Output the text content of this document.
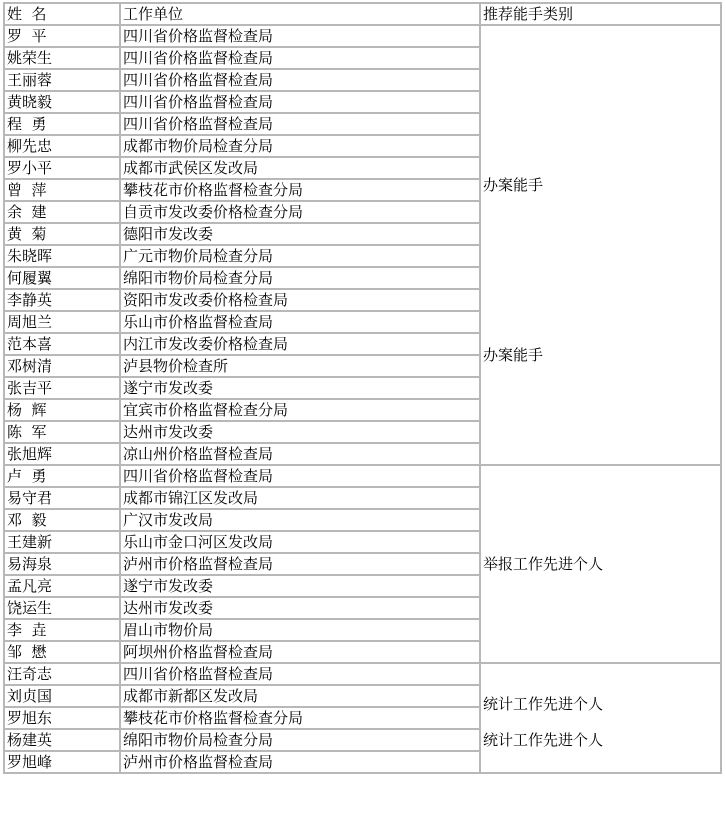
姓  名	工作单位	推荐能手类别
罗  平	四川省价格监督检查局	办案能手
办案能手

姚荣生	四川省价格监督检查局	
王丽蓉	四川省价格监督检查局	
黄晓毅	四川省价格监督检查局	
程  勇	四川省价格监督检查局	
柳先忠	成都市物价局检查分局	
罗小平	成都市武侯区发改局	
曾  萍	攀枝花市价格监督检查分局	
余  建	自贡市发改委价格检查分局	
黄  菊	德阳市发改委	
朱晓晖	广元市物价局检查分局	
何履翼	绵阳市物价局检查分局	
李静英	资阳市发改委价格检查局	
周旭兰	乐山市价格监督检查局	
范本喜	内江市发改委价格检查局	
邓树清	泸县物价检查所	
张吉平	遂宁市发改委	
杨  辉	宜宾市价格监督检查分局	
陈  军	达州市发改委	
张旭辉	凉山州价格监督检查局	
卢  勇	四川省价格监督检查局	举报工作先进个人
易守君	成都市锦江区发改局	
邓  毅	广汉市发改局	
王建新	乐山市金口河区发改局	
易海泉	泸州市价格监督检查局	
孟凡亮	遂宁市发改委	
饶运生	达州市发改委	
李  垚	眉山市物价局	
邹  懋	阿坝州价格监督检查局	
汪奇志	四川省价格监督检查局	统计工作先进个人
统计工作先进个人

刘贞国	成都市新都区发改局	
罗旭东	攀枝花市价格监督检查分局	
杨建英	绵阳市物价局检查分局	
罗旭峰	泸州市价格监督检查局	
